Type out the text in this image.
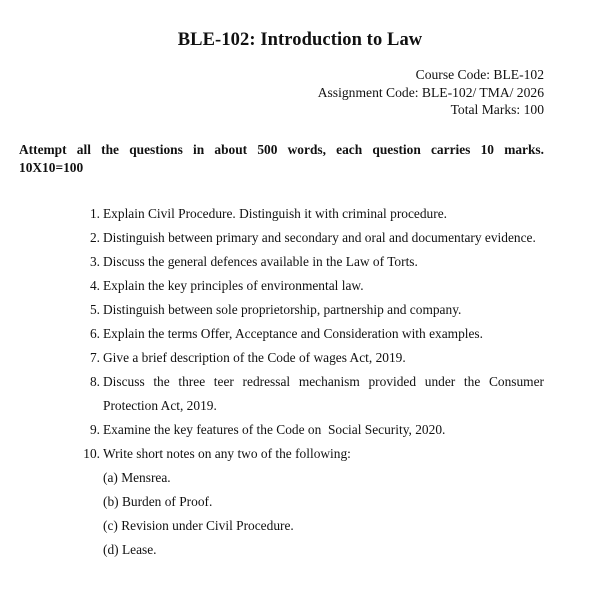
BLE-102: Introduction to Law
Course Code: BLE-102
Assignment Code: BLE-102/ TMA/ 2026
Total Marks: 100
Attempt all the questions in about 500 words, each question carries 10 marks.
10X10=100
1. Explain Civil Procedure. Distinguish it with criminal procedure.
2. Distinguish between primary and secondary and oral and documentary evidence.
3. Discuss the general defences available in the Law of Torts.
4. Explain the key principles of environmental law.
5. Distinguish between sole proprietorship, partnership and company.
6. Explain the terms Offer, Acceptance and Consideration with examples.
7. Give a brief description of the Code of wages Act, 2019.
8. Discuss the three teer redressal mechanism provided under the Consumer Protection Act, 2019.
9. Examine the key features of the Code on  Social Security, 2020.
10. Write short notes on any two of the following:
(a) Mensrea.
(b) Burden of Proof.
(c) Revision under Civil Procedure.
(d) Lease.
